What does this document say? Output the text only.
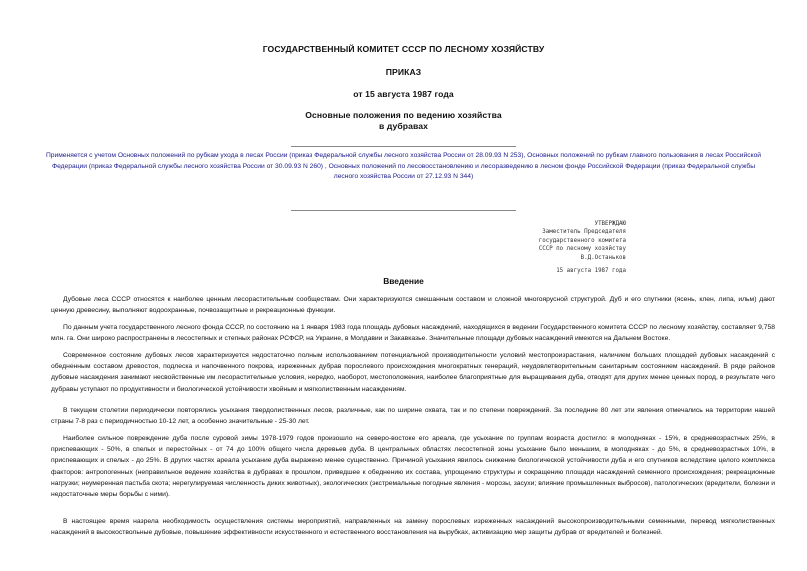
ГОСУДАРСТВЕННЫЙ КОМИТЕТ СССР ПО ЛЕСНОМУ ХОЗЯЙСТВУ
ПРИКАЗ
от 15 августа 1987 года
Основные положения по ведению хозяйства
в дубравах
Применяется с учетом Основных положений по рубкам ухода в лесах России (приказ Федеральной службы лесного хозяйства России от 28.09.93 N 253), Основных положений по рубкам главного пользования в лесах Российской Федерации (приказ Федеральной службы лесного хозяйства России от 30.09.93 N 260) , Основных положений по лесовосстановлению и лесоразведению в лесном фонде Российской Федерации (приказ Федеральной службы лесного хозяйства России от 27.12.93 N 344)
УТВЕРЖДАЮ
Заместитель Председателя
государственного комитета
СССР по лесному хозяйству
В.Д.Останьков
15 августа 1987 года
Введение
Дубовые леса СССР относятся к наиболее ценным лесорастительным сообществам. Они характеризуются смешанным составом и сложной многоярусной структурой. Дуб и его спутники (ясень, клен, липа, ильм) дают ценную древесину, выполняют водоохранные, почвозащитные и рекреационные функции.
По данным учета государственного лесного фонда СССР, по состоянию на 1 января 1983 года площадь дубовых насаждений, находящихся в ведении Государственного комитета СССР по лесному хозяйству, составляет 9,758 млн. га. Они широко распространены в лесостепных и степных районах РСФСР, на Украине, в Молдавии и Закавказье. Значительные площади дубовых насаждений имеются на Дальнем Востоке.
Современное состояние дубовых лесов характеризуется недостаточно полным использованием потенциальной производительности условий местопроизрастания, наличием больших площадей дубовых насаждений с обедненным составом древостоя, подлеска и напочвенного покрова, изреженных дубрав порослевого происхождения многократных генераций, неудовлетворительным санитарным состоянием насаждений. В ряде районов дубовые насаждения занимают несвойственные им лесорастительные условия, нередко, наоборот, местоположения, наиболее благоприятные для выращивания дуба, отводят для других менее ценных пород, в результате чего дубравы уступают по продуктивности и биологической устойчивости хвойным и мягколиственным насаждениям.
В текущем столетии периодически повторялись усыхания твердолиственных лесов, различные, как по ширине охвата, так и по степени повреждений. За последние 80 лет эти явления отмечались на территории нашей страны 7-8 раз с периодичностью 10-12 лет, а особенно значительные - 25-30 лет.
Наиболее сильное повреждение дуба после суровой зимы 1978-1979 годов произошло на северо-востоке его ареала, где усыхание по группам возраста достигло: в молодняках - 15%, в средневозрастных 25%, в приспевающих - 50%, в спелых и перестойных - от 74 до 100% общего числа деревьев дуба. В центральных областях лесостепной зоны усыхание было меньшим, в молодняках - до 5%, в средневозрастных 10%, в приспевающих и спелых - до 25%. В других частях ареала усыхание дуба выражено менее существенно. Причиной усыхания явилось снижение биологической устойчивости дуба и его спутников вследствие целого комплекса факторов: антропогенных (неправильное ведение хозяйства в дубравах в прошлом, приведшее к обеднению их состава, упрощению структуры и сокращению площади насаждений семенного происхождения; рекреационные нагрузки; неумеренная пастьба скота; нерегулируемая численность диких животных), экологических (экстремальные погодные явления - морозы, засухи; влияние промышленных выбросов), патологических (вредители, болезни и недостаточные меры борьбы с ними).
В настоящее время назрела необходимость осуществления системы мероприятий, направленных на замену порослевых изреженных насаждений высокопроизводительными семенными, перевод мягколиственных насаждений в высокоствольные дубовые, повышение эффективности искусственного и естественного восстановления на вырубках, активизацию мер защиты дубрав от вредителей и болезней.
